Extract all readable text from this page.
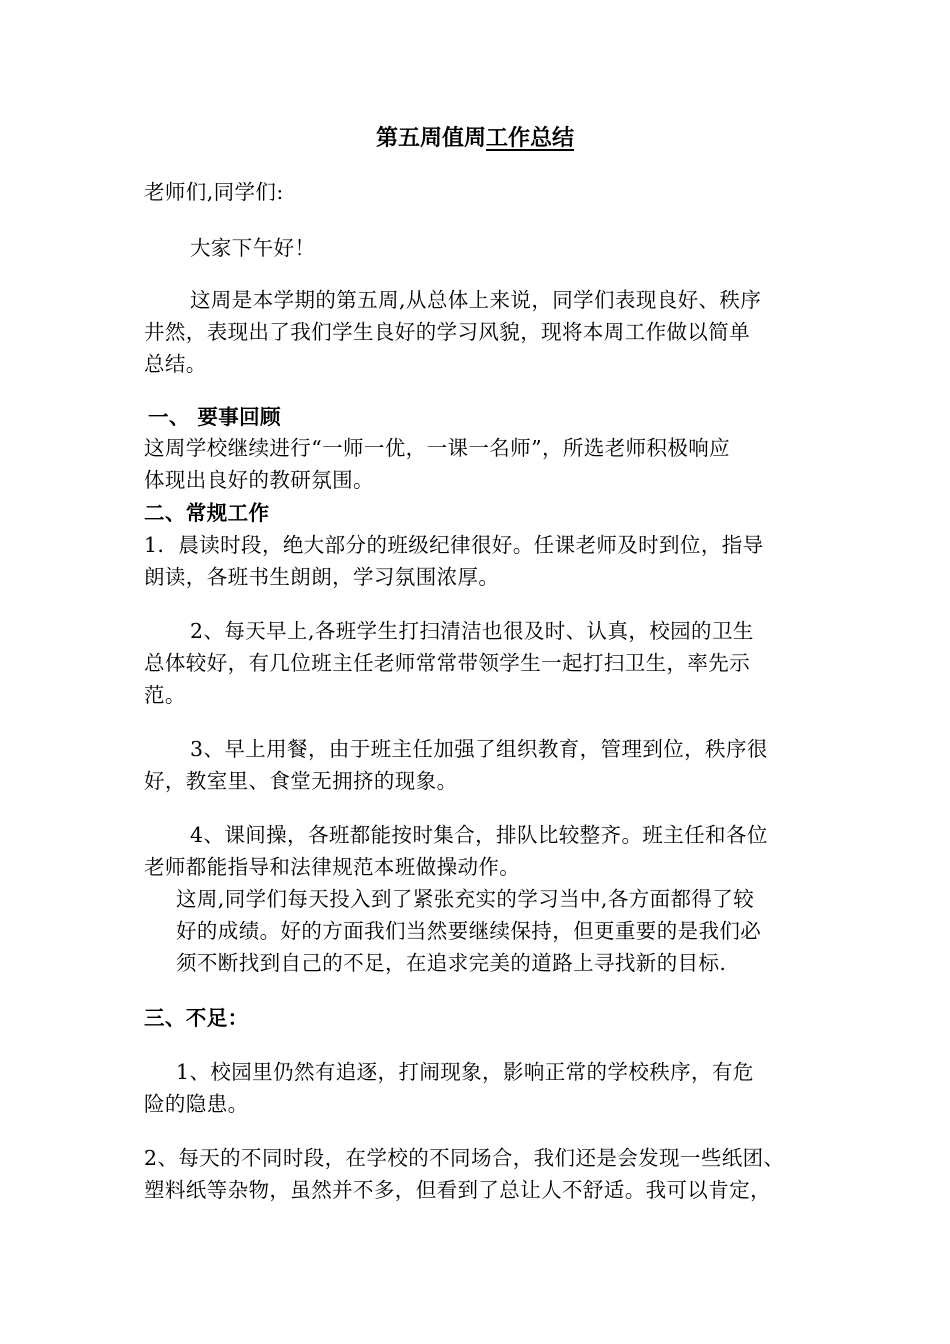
第五周值周工作总结

老师们,同学们:

大家下午好！

这周是本学期的第五周,从总体上来说，同学们表现良好、秩序

井然，表现出了我们学生良好的学习风貌，现将本周工作做以简单

总结。

一、 要事回顾

这周学校继续进行“一师一优，一课一名师”，所选老师积极响应

体现出良好的教研氛围。

二、常规工作

1．晨读时段，绝大部分的班级纪律很好。任课老师及时到位，指导

朗读，各班书生朗朗，学习氛围浓厚。

2、每天早上,各班学生打扫清洁也很及时、认真，校园的卫生

总体较好，有几位班主任老师常常带领学生一起打扫卫生，率先示

范。

3、早上用餐，由于班主任加强了组织教育，管理到位，秩序很

好，教室里、食堂无拥挤的现象。

4、课间操，各班都能按时集合，排队比较整齐。班主任和各位

老师都能指导和法律规范本班做操动作。

这周,同学们每天投入到了紧张充实的学习当中,各方面都得了较

好的成绩。好的方面我们当然要继续保持，但更重要的是我们必

须不断找到自己的不足，在追求完美的道路上寻找新的目标.

三、不足：

1、校园里仍然有追逐，打闹现象，影响正常的学校秩序，有危

险的隐患。

2、每天的不同时段，在学校的不同场合，我们还是会发现一些纸团、

塑料纸等杂物，虽然并不多，但看到了总让人不舒适。我可以肯定，
